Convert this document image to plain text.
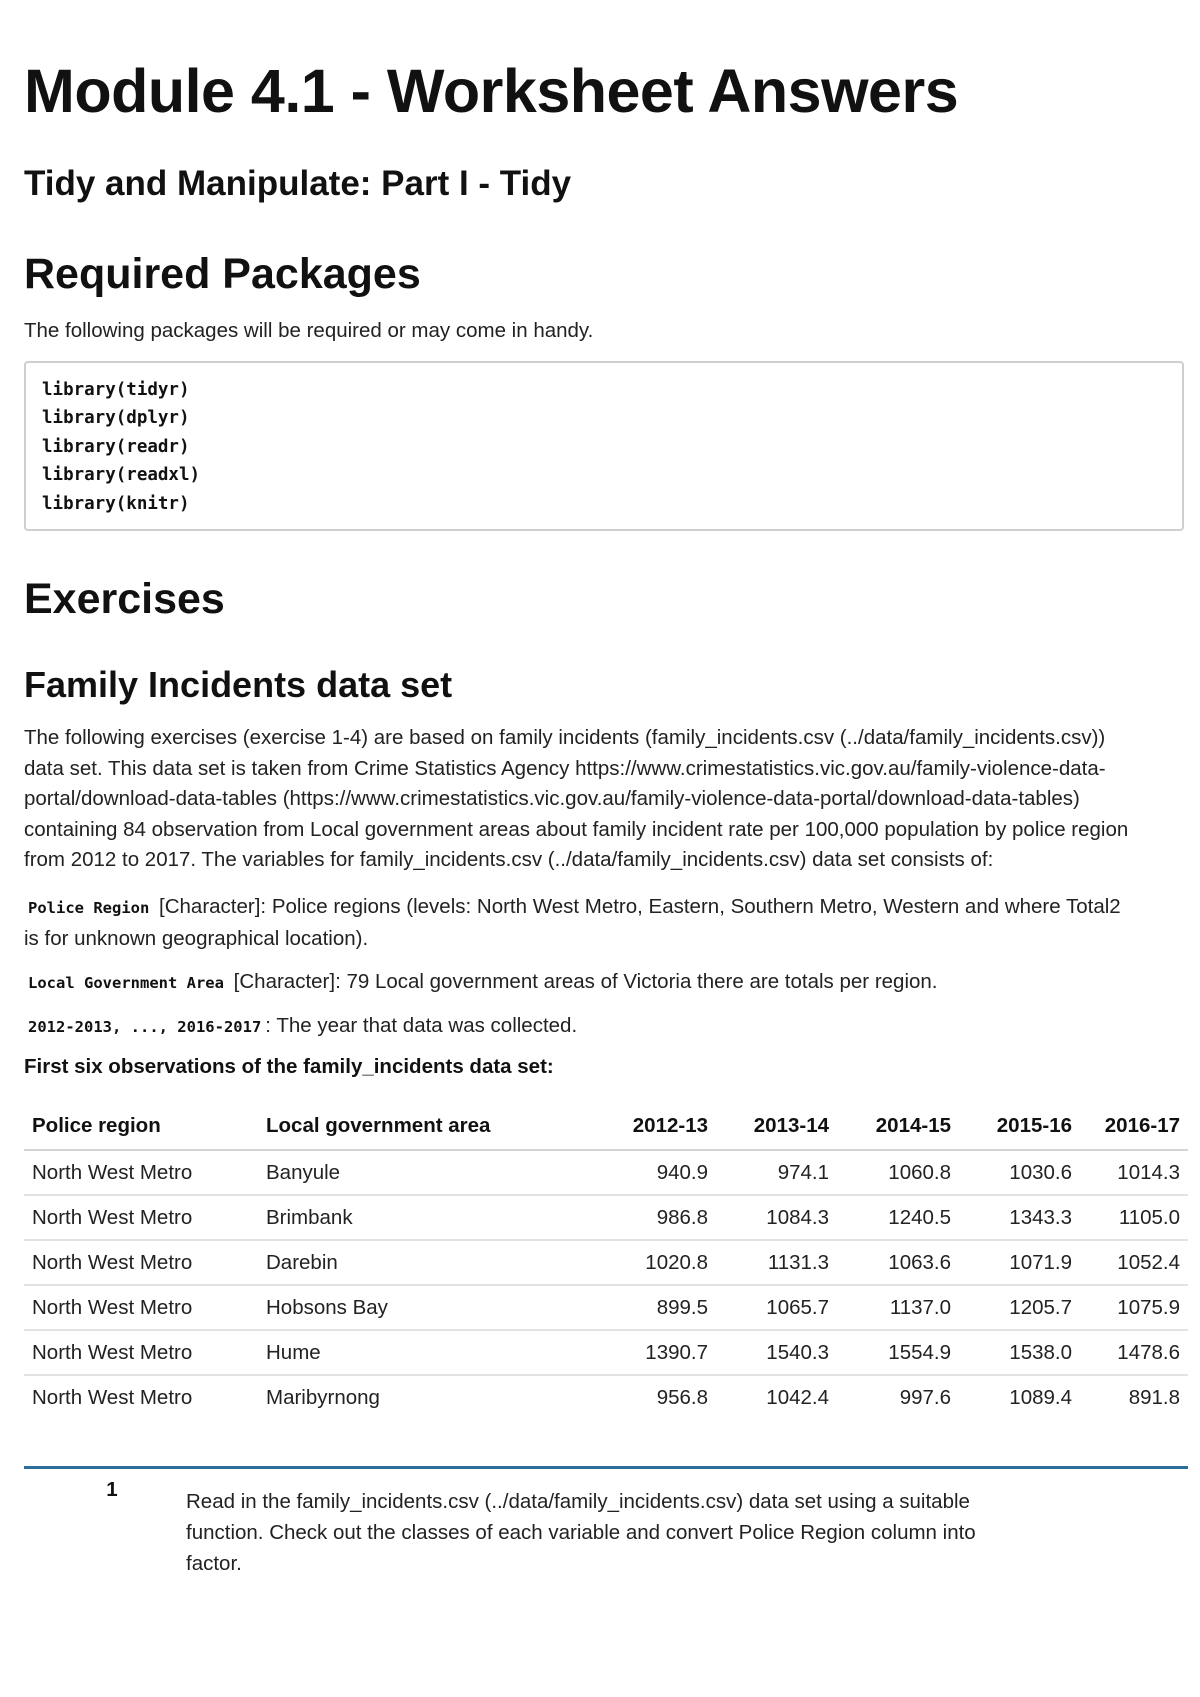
Module 4.1 - Worksheet Answers
Tidy and Manipulate: Part I - Tidy
Required Packages

The following packages will be required or may come in handy.

library(tidyr)
library(dplyr)
library(readr)
library(readxl)
library(knitr)
Exercises
Family Incidents data set

The following exercises (exercise 1-4) are based on family incidents (family_incidents.csv (../data/family_incidents.csv))
data set. This data set is taken from Crime Statistics Agency https://www.crimestatistics.vic.gov.au/family-violence-data-
portal/download-data-tables (https://www.crimestatistics.vic.gov.au/family-violence-data-portal/download-data-tables)
containing 84 observation from Local government areas about family incident rate per 100,000 population by police region
from 2012 to 2017. The variables for family_incidents.csv (../data/family_incidents.csv) data set consists of:

Police Region [Character]: Police regions (levels: North West Metro, Eastern, Southern Metro, Western and where Total2
is for unknown geographical location).

Local Government Area [Character]: 79 Local government areas of Victoria there are totals per region.

2012-2013, ..., 2016-2017 : The year that data was collected.

First six observations of the family_incidents data set:
Police region	Local government area	2012-13	2013-14	2014-15	2015-16	2016-17
North West Metro	Banyule	940.9	974.1	1060.8	1030.6	1014.3
North West Metro	Brimbank	986.8	1084.3	1240.5	1343.3	1105.0
North West Metro	Darebin	1020.8	1131.3	1063.6	1071.9	1052.4
North West Metro	Hobsons Bay	899.5	1065.7	1137.0	1205.7	1075.9
North West Metro	Hume	1390.7	1540.3	1554.9	1538.0	1478.6
North West Metro	Maribyrnong	956.8	1042.4	997.6	1089.4	891.8
1
Read in the family_incidents.csv (../data/family_incidents.csv) data set using a suitable
function. Check out the classes of each variable and convert Police Region column into
factor.
